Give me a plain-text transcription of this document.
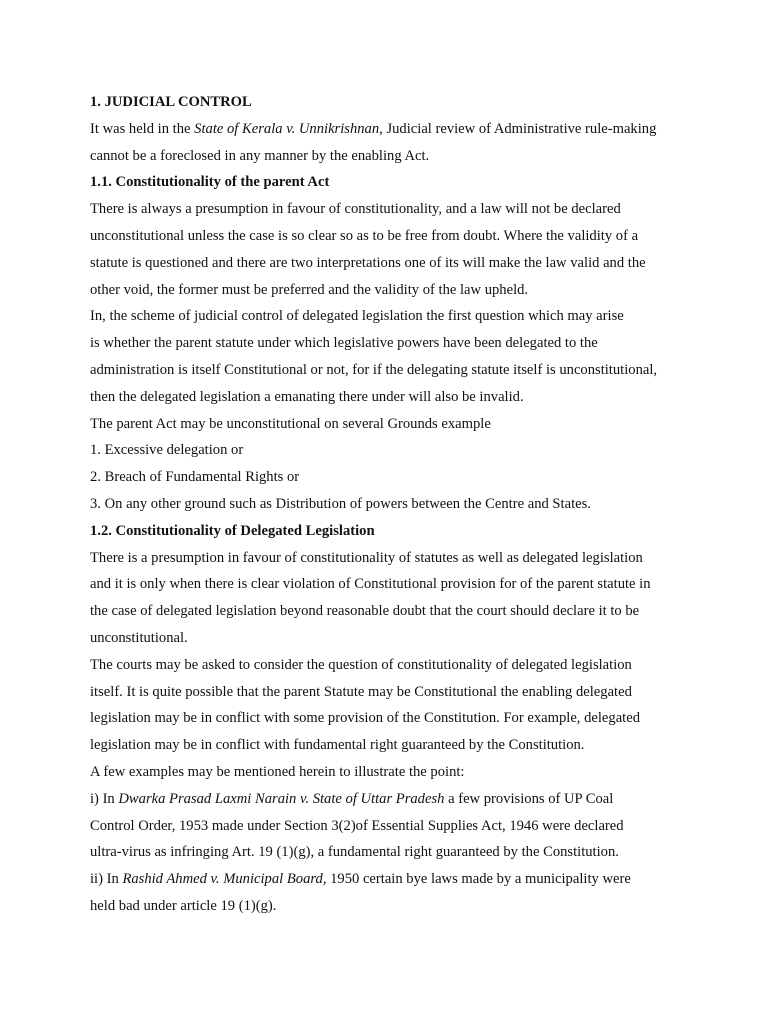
1. JUDICIAL CONTROL
It was held in the State of Kerala v. Unnikrishnan, Judicial review of Administrative rule-making
cannot be a foreclosed in any manner by the enabling Act.
1.1. Constitutionality of the parent Act
There is always a presumption in favour of constitutionality, and a law will not be declared
unconstitutional unless the case is so clear so as to be free from doubt. Where the validity of a
statute is questioned and there are two interpretations one of its will make the law valid and the
other void, the former must be preferred and the validity of the law upheld.
In, the scheme of judicial control of delegated legislation the first question which may arise
is whether the parent statute under which legislative powers have been delegated to the
administration is itself Constitutional or not, for if the delegating statute itself is unconstitutional,
then the delegated legislation a emanating there under will also be invalid.
The parent Act may be unconstitutional on several Grounds example
1. Excessive delegation or
2. Breach of Fundamental Rights or
3. On any other ground such as Distribution of powers between the Centre and States.
1.2. Constitutionality of Delegated Legislation
There is a presumption in favour of constitutionality of statutes as well as delegated legislation
and it is only when there is clear violation of Constitutional provision for of the parent statute in
the case of delegated legislation beyond reasonable doubt that the court should declare it to be
unconstitutional.
The courts may be asked to consider the question of constitutionality of delegated legislation
itself. It is quite possible that the parent Statute may be Constitutional the enabling delegated
legislation may be in conflict with some provision of the Constitution. For example, delegated
legislation may be in conflict with fundamental right guaranteed by the Constitution.
A few examples may be mentioned herein to illustrate the point:
i) In Dwarka Prasad Laxmi Narain v. State of Uttar Pradesh a few provisions of UP Coal
Control Order, 1953 made under Section 3(2)of Essential Supplies Act, 1946 were declared
ultra-virus as infringing Art. 19 (1)(g), a fundamental right guaranteed by the Constitution.
ii) In Rashid Ahmed v. Municipal Board, 1950 certain bye laws made by a municipality were
held bad under article 19 (1)(g).
